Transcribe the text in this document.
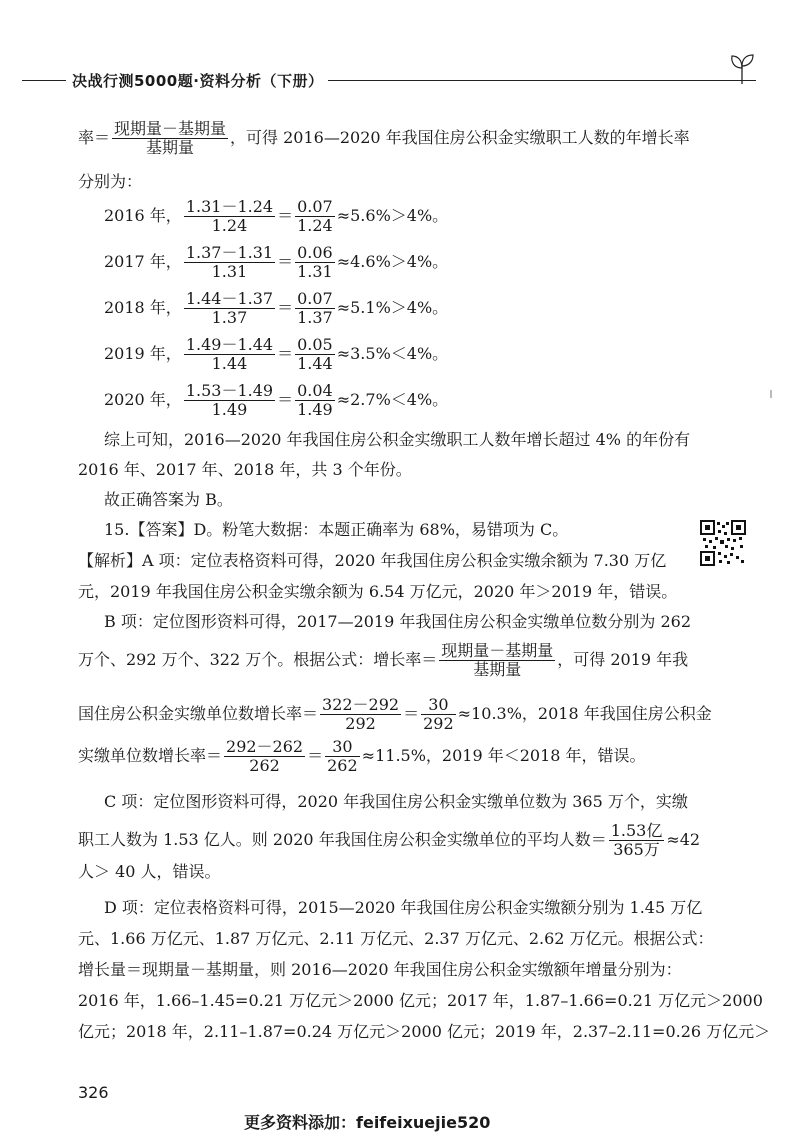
决战行测5000题·资料分析（下册）
率＝ $\frac{\text{现期量－基期量}}{\text{基期量}}$ ，可得 2016—2020 年我国住房公积金实缴职工人数的年增长率
分别为：
2016 年， $\frac{1.31-1.24}{1.24} = \frac{0.07}{1.24} \approx 5.6\%>4\%$。
2017 年， $\frac{1.37-1.31}{1.31} = \frac{0.06}{1.31} \approx 4.6\%>4\%$。
2018 年， $\frac{1.44-1.37}{1.37} = \frac{0.07}{1.37} \approx 5.1\%>4\%$。
2019 年， $\frac{1.49-1.44}{1.44} = \frac{0.05}{1.44} \approx 3.5\%<4\%$。
2020 年， $\frac{1.53-1.49}{1.49} = \frac{0.04}{1.49} \approx 2.7\%<4\%$。
综上可知，2016—2020 年我国住房公积金实缴职工人数年增长超过 4% 的年份有
2016 年、2017 年、2018 年，共 3 个年份。
故正确答案为 B。
15.【答案】D。粉笔大数据：本题正确率为 68%，易错项为 C。
【解析】A 项：定位表格资料可得，2020 年我国住房公积金实缴余额为 7.30 万亿
元，2019 年我国住房公积金实缴余额为 6.54 万亿元，2020 年＞2019 年，错误。
B 项：定位图形资料可得，2017—2019 年我国住房公积金实缴单位数分别为 262
万个、292 万个、322 万个。根据公式：增长率＝ $\frac{\text{现期量－基期量}}{\text{基期量}}$ ，可得 2019 年我
国住房公积金实缴单位数增长率＝ $\frac{322-292}{292} = \frac{30}{292} \approx 10.3\%$，2018 年我国住房公积金
实缴单位数增长率＝ $\frac{292-262}{262} = \frac{30}{262} \approx 11.5\%$，2019 年＜2018 年，错误。
C 项：定位图形资料可得，2020 年我国住房公积金实缴单位数为 365 万个，实缴
职工人数为 1.53 亿人。则 2020 年我国住房公积金实缴单位的平均人数＝ $\frac{\text{1.53亿}}{\text{365万}} \approx 42$
人＞ 40 人，错误。
D 项：定位表格资料可得，2015—2020 年我国住房公积金实缴额分别为 1.45 万亿
元、1.66 万亿元、1.87 万亿元、2.11 万亿元、2.37 万亿元、2.62 万亿元。根据公式：
增长量＝现期量－基期量，则 2016—2020 年我国住房公积金实缴额年增量分别为：
2016 年，1.66–1.45=0.21 万亿元＞2000 亿元；2017 年，1.87–1.66=0.21 万亿元＞2000
亿元；2018 年，2.11–1.87=0.24 万亿元＞2000 亿元；2019 年，2.37–2.11=0.26 万亿元＞
326
更多资料添加：feifeixuejie520
